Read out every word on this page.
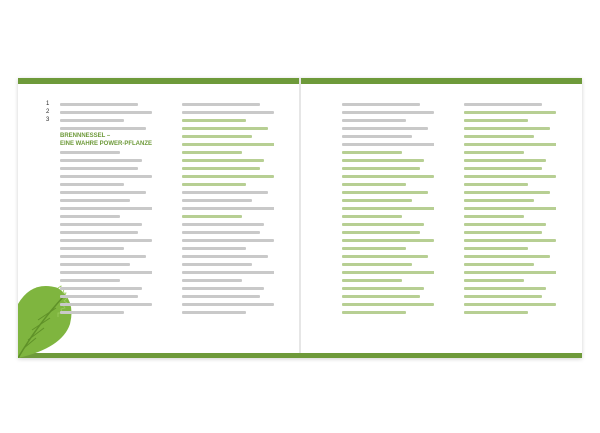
1
2
3
BRENNNESSEL –
EINE WAHRE POWER-PFLANZE
